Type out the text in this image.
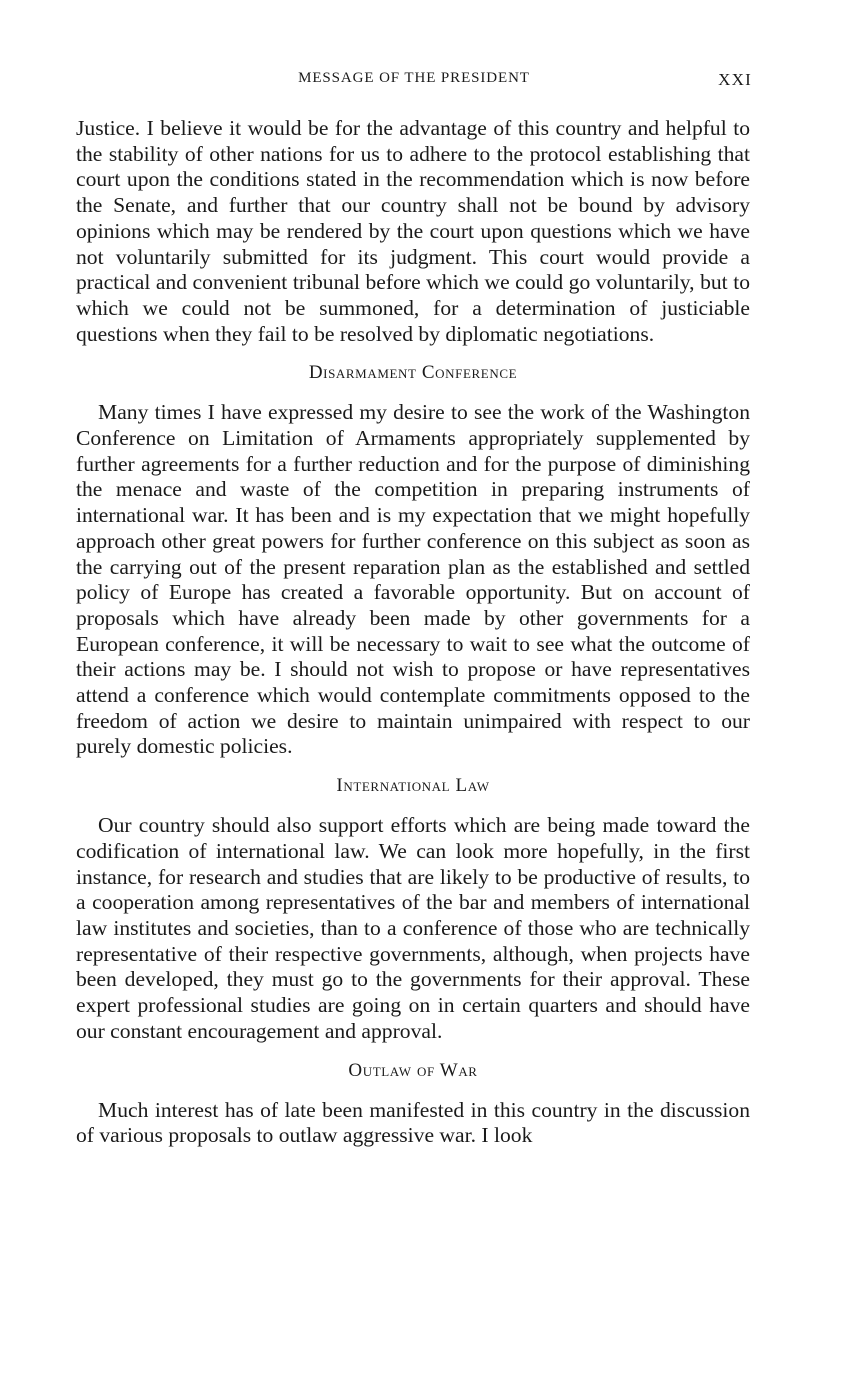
MESSAGE OF THE PRESIDENT	XXI

Justice. I believe it would be for the advantage of this country and helpful to the stability of other nations for us to adhere to the protocol establishing that court upon the conditions stated in the recommendation which is now before the Senate, and further that our country shall not be bound by advisory opinions which may be rendered by the court upon questions which we have not voluntarily submitted for its judgment. This court would provide a practical and convenient tribunal before which we could go voluntarily, but to which we could not be summoned, for a determination of justiciable questions when they fail to be resolved by diplomatic negotiations.

Disarmament Conference

Many times I have expressed my desire to see the work of the Washington Conference on Limitation of Armaments appropriately supplemented by further agreements for a further reduction and for the purpose of diminishing the menace and waste of the competition in preparing instruments of international war. It has been and is my expectation that we might hopefully approach other great powers for further conference on this subject as soon as the carrying out of the present reparation plan as the established and settled policy of Europe has created a favorable opportunity. But on account of proposals which have already been made by other governments for a European conference, it will be necessary to wait to see what the outcome of their actions may be. I should not wish to propose or have representatives attend a conference which would contemplate commitments opposed to the freedom of action we desire to maintain unimpaired with respect to our purely domestic policies.

International Law

Our country should also support efforts which are being made toward the codification of international law. We can look more hopefully, in the first instance, for research and studies that are likely to be productive of results, to a cooperation among representatives of the bar and members of international law institutes and societies, than to a conference of those who are technically representative of their respective governments, although, when projects have been developed, they must go to the governments for their approval. These expert professional studies are going on in certain quarters and should have our constant encouragement and approval.

Outlaw of War

Much interest has of late been manifested in this country in the discussion of various proposals to outlaw aggressive war. I look
